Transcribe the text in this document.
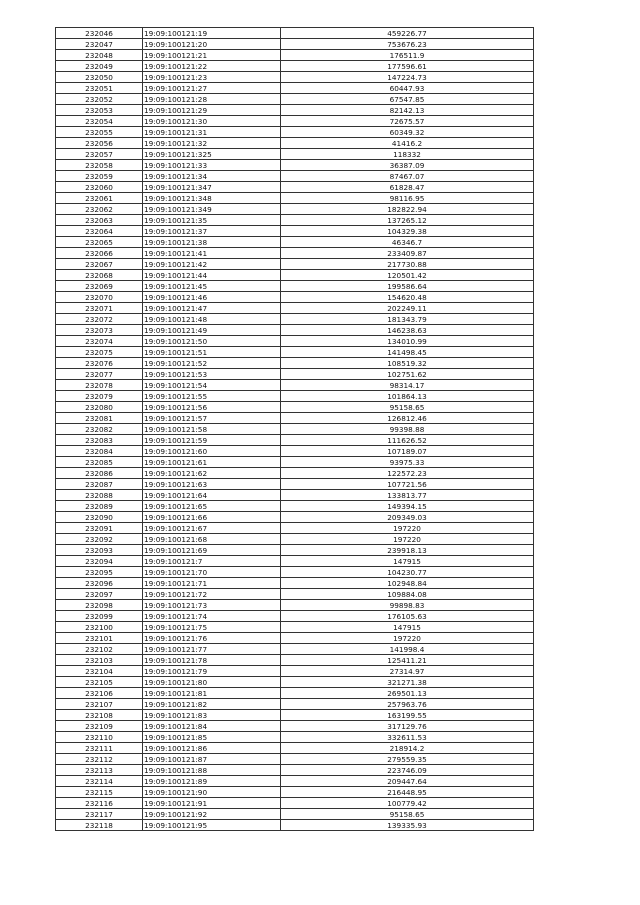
232046	19:09:100121:19	459226.77
232047	19:09:100121:20	753676.23
232048	19:09:100121:21	176511.9
232049	19:09:100121:22	177596.61
232050	19:09:100121:23	147224.73
232051	19:09:100121:27	60447.93
232052	19:09:100121:28	67547.85
232053	19:09:100121:29	82142.13
232054	19:09:100121:30	72675.57
232055	19:09:100121:31	60349.32
232056	19:09:100121:32	41416.2
232057	19:09:100121:325	118332
232058	19:09:100121:33	36387.09
232059	19:09:100121:34	87467.07
232060	19:09:100121:347	61828.47
232061	19:09:100121:348	98116.95
232062	19:09:100121:349	182822.94
232063	19:09:100121:35	137265.12
232064	19:09:100121:37	104329.38
232065	19:09:100121:38	46346.7
232066	19:09:100121:41	233409.87
232067	19:09:100121:42	217730.88
232068	19:09:100121:44	120501.42
232069	19:09:100121:45	199586.64
232070	19:09:100121:46	154620.48
232071	19:09:100121:47	202249.11
232072	19:09:100121:48	181343.79
232073	19:09:100121:49	146238.63
232074	19:09:100121:50	134010.99
232075	19:09:100121:51	141498.45
232076	19:09:100121:52	108519.32
232077	19:09:100121:53	102751.62
232078	19:09:100121:54	98314.17
232079	19:09:100121:55	101864.13
232080	19:09:100121:56	95158.65
232081	19:09:100121:57	126812.46
232082	19:09:100121:58	99398.88
232083	19:09:100121:59	111626.52
232084	19:09:100121:60	107189.07
232085	19:09:100121:61	93975.33
232086	19:09:100121:62	122572.23
232087	19:09:100121:63	107721.56
232088	19:09:100121:64	133813.77
232089	19:09:100121:65	149394.15
232090	19:09:100121:66	209349.03
232091	19:09:100121:67	197220
232092	19:09:100121:68	197220
232093	19:09:100121:69	239918.13
232094	19:09:100121:7	147915
232095	19:09:100121:70	104230.77
232096	19:09:100121:71	102948.84
232097	19:09:100121:72	109884.08
232098	19:09:100121:73	99898.83
232099	19:09:100121:74	176105.63
232100	19:09:100121:75	147915
232101	19:09:100121:76	197220
232102	19:09:100121:77	141998.4
232103	19:09:100121:78	125411.21
232104	19:09:100121:79	27314.97
232105	19:09:100121:80	321271.38
232106	19:09:100121:81	269501.13
232107	19:09:100121:82	257963.76
232108	19:09:100121:83	163199.55
232109	19:09:100121:84	317129.76
232110	19:09:100121:85	332611.53
232111	19:09:100121:86	218914.2
232112	19:09:100121:87	279559.35
232113	19:09:100121:88	223746.09
232114	19:09:100121:89	209447.64
232115	19:09:100121:90	216448.95
232116	19:09:100121:91	100779.42
232117	19:09:100121:92	95158.65
232118	19:09:100121:95	139335.93
